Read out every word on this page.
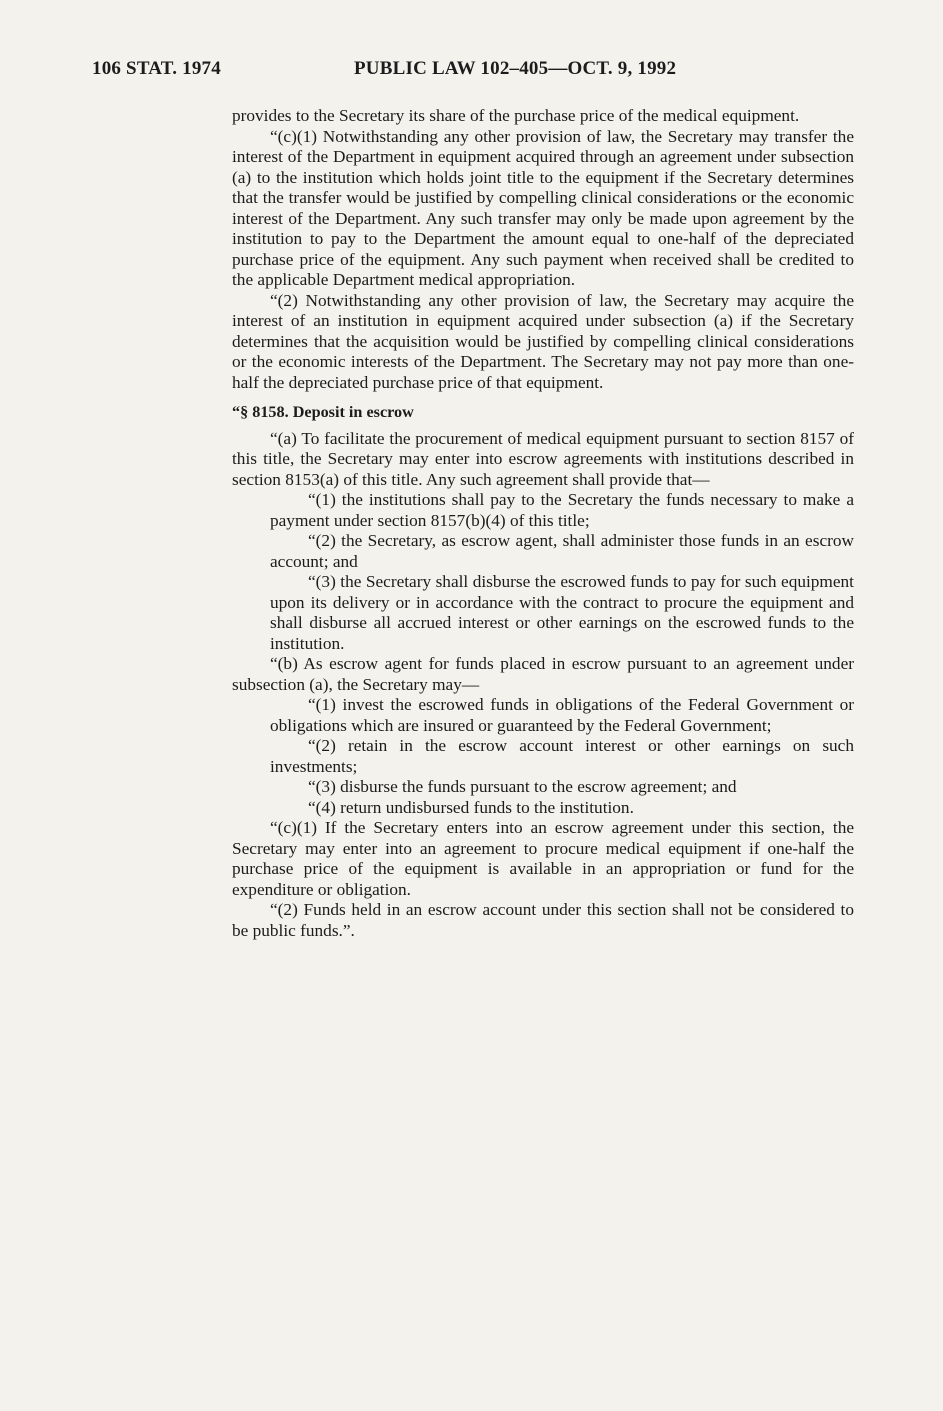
106 STAT. 1974	PUBLIC LAW 102–405—OCT. 9, 1992

provides to the Secretary its share of the purchase price of the medical equipment.

“(c)(1) Notwithstanding any other provision of law, the Secretary may transfer the interest of the Department in equipment acquired through an agreement under subsection (a) to the institution which holds joint title to the equipment if the Secretary determines that the transfer would be justified by compelling clinical considerations or the economic interest of the Department. Any such transfer may only be made upon agreement by the institution to pay to the Department the amount equal to one-half of the depreciated purchase price of the equipment. Any such payment when received shall be credited to the applicable Department medical appropriation.

“(2) Notwithstanding any other provision of law, the Secretary may acquire the interest of an institution in equipment acquired under subsection (a) if the Secretary determines that the acquisition would be justified by compelling clinical considerations or the economic interests of the Department. The Secretary may not pay more than one-half the depreciated purchase price of that equipment.

“§ 8158. Deposit in escrow

“(a) To facilitate the procurement of medical equipment pursuant to section 8157 of this title, the Secretary may enter into escrow agreements with institutions described in section 8153(a) of this title. Any such agreement shall provide that—

“(1) the institutions shall pay to the Secretary the funds necessary to make a payment under section 8157(b)(4) of this title;

“(2) the Secretary, as escrow agent, shall administer those funds in an escrow account; and

“(3) the Secretary shall disburse the escrowed funds to pay for such equipment upon its delivery or in accordance with the contract to procure the equipment and shall disburse all accrued interest or other earnings on the escrowed funds to the institution.

“(b) As escrow agent for funds placed in escrow pursuant to an agreement under subsection (a), the Secretary may—

“(1) invest the escrowed funds in obligations of the Federal Government or obligations which are insured or guaranteed by the Federal Government;

“(2) retain in the escrow account interest or other earnings on such investments;

“(3) disburse the funds pursuant to the escrow agreement; and

“(4) return undisbursed funds to the institution.

“(c)(1) If the Secretary enters into an escrow agreement under this section, the Secretary may enter into an agreement to procure medical equipment if one-half the purchase price of the equipment is available in an appropriation or fund for the expenditure or obligation.

“(2) Funds held in an escrow account under this section shall not be considered to be public funds.”.
